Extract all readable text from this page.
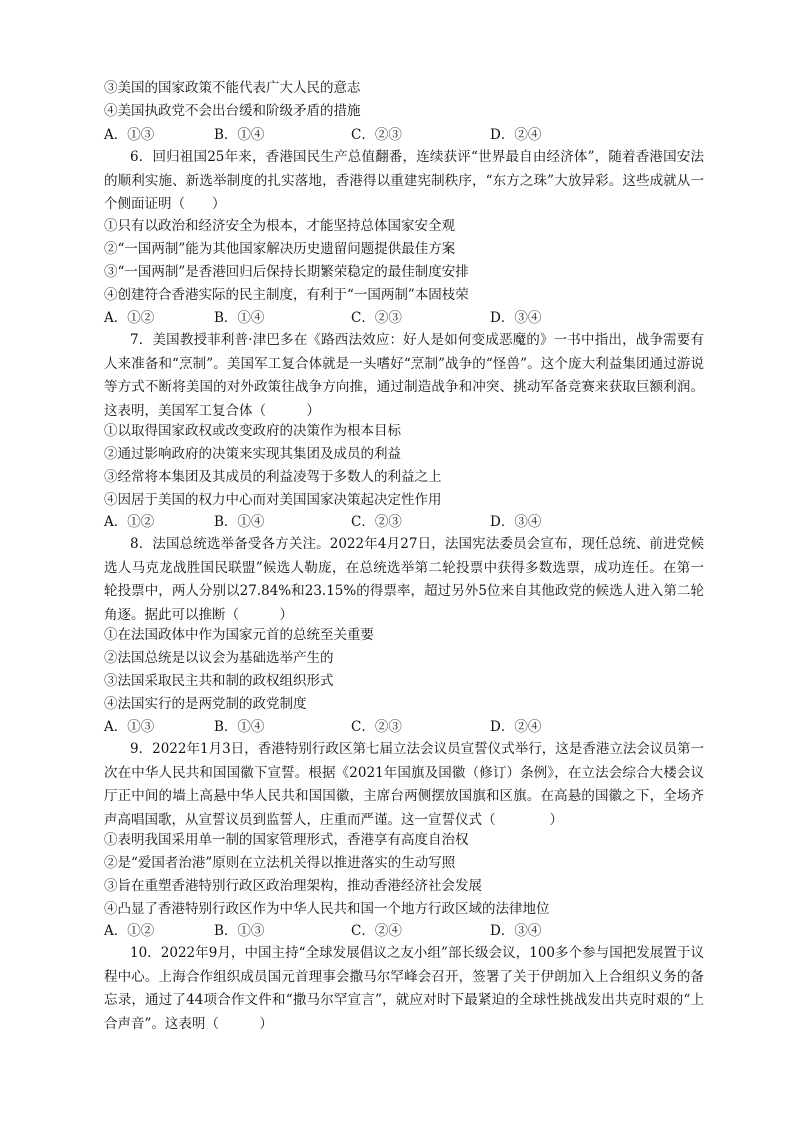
③美国的国家政策不能代表广大人民的意志
④美国执政党不会出台缓和阶级矛盾的措施
A．①③	B．①④	C．②③	D．②④
6．回归祖国25年来，香港国民生产总值翻番，连续获评“世界最自由经济体”，随着香港国安法的顺利实施、新选举制度的扎实落地，香港得以重建宪制秩序，“东方之珠”大放异彩。这些成就从一个侧面证明（　　）
①只有以政治和经济安全为根本，才能坚持总体国家安全观
②“一国两制”能为其他国家解决历史遗留问题提供最佳方案
③“一国两制”是香港回归后保持长期繁荣稳定的最佳制度安排
④创建符合香港实际的民主制度，有利于“一国两制”本固枝荣
A．①②	B．①④	C．②③	D．③④
7．美国教授菲利普·津巴多在《路西法效应：好人是如何变成恶魔的》一书中指出，战争需要有人来准备和“烹制”。美国军工复合体就是一头嗜好“烹制”战争的“怪兽”。这个庞大利益集团通过游说等方式不断将美国的对外政策往战争方向推，通过制造战争和冲突、挑动军备竞赛来获取巨额利润。这表明，美国军工复合体（　　　）
①以取得国家政权或改变政府的决策作为根本目标
②通过影响政府的决策来实现其集团及成员的利益
③经常将本集团及其成员的利益凌驾于多数人的利益之上
④因居于美国的权力中心而对美国国家决策起决定性作用
A．①②	B．①④	C．②③	D．③④
8．法国总统选举备受各方关注。2022年4月27日，法国宪法委员会宣布，现任总统、前进党候选人马克龙战胜国民联盟”候选人勒庞，在总统选举第二轮投票中获得多数选票，成功连任。在第一轮投票中，两人分别以27.84%和23.15%的得票率，超过另外5位来自其他政党的候选人进入第二轮角逐。据此可以推断（　　　）
①在法国政体中作为国家元首的总统至关重要
②法国总统是以议会为基础选举产生的
③法国采取民主共和制的政权组织形式
④法国实行的是两党制的政党制度
A．①③	B．①④	C．②③	D．②④
9．2022年1月3日，香港特别行政区第七届立法会议员宣誓仪式举行，这是香港立法会议员第一次在中华人民共和国国徽下宣誓。根据《2021年国旗及国徽（修订）条例》，在立法会综合大楼会议厅正中间的墙上高悬中华人民共和国国徽，主席台两侧摆放国旗和区旗。在高悬的国徽之下，全场齐声高唱国歌，从宣誓议员到监誓人，庄重而严谨。这一宣誓仪式（　　　　）
①表明我国采用单一制的国家管理形式，香港享有高度自治权
②是“爱国者治港”原则在立法机关得以推进落实的生动写照
③旨在重塑香港特别行政区政治理架构，推动香港经济社会发展
④凸显了香港特别行政区作为中华人民共和国一个地方行政区域的法律地位
A．①②	B．①③	C．②④	D．③④
10．2022年9月，中国主持“全球发展倡议之友小组”部长级会议，100多个参与国把发展置于议程中心。上海合作组织成员国元首理事会撒马尔罕峰会召开，签署了关于伊朗加入上合组织义务的备忘录，通过了44项合作文件和“撒马尔罕宣言”，就应对时下最紧迫的全球性挑战发出共克时艰的“上合声音”。这表明（　　　）
